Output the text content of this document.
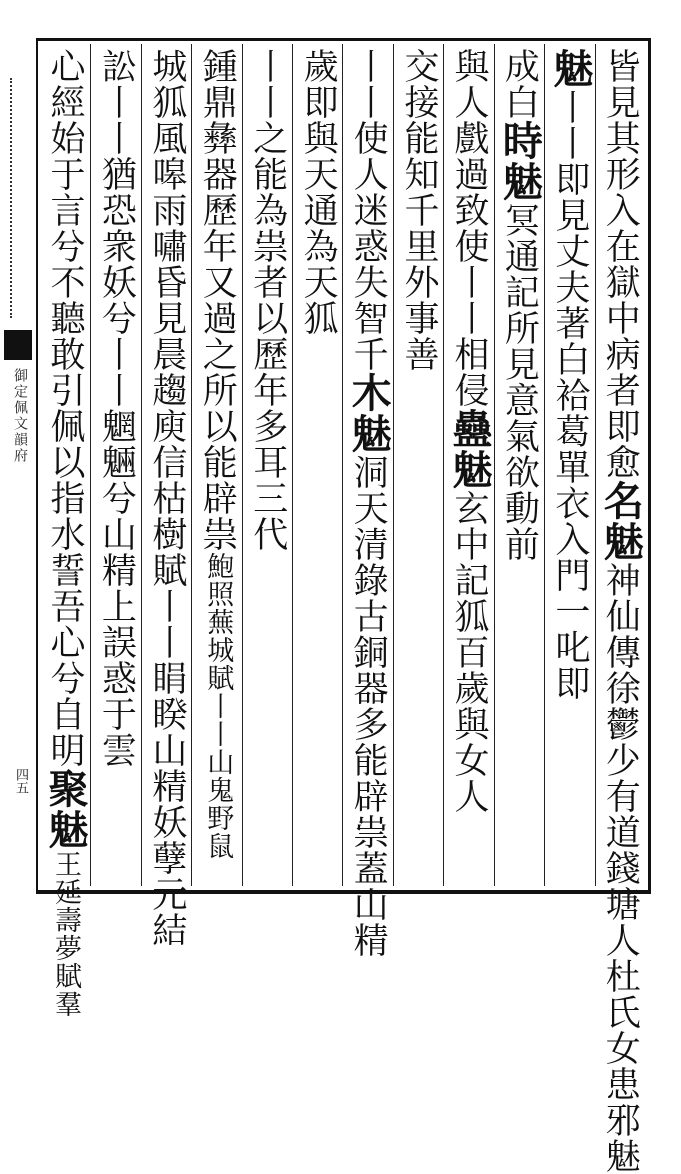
御定佩文韻府
四五
皆見其形入在獄中病者即愈名魅神仙傳徐鬱少有道錢塘人杜氏女患邪魅
魅丨丨即見丈夫著白袷葛單衣入門一叱即
成白時魅冥通記所見意氣欲動前
與人戲過致使丨丨相侵蠱魅玄中記狐百歲與女人
交接能知千里外事善
丨丨使人迷惑失智千木魅洞天清錄古銅器多能辟祟蓋山精
歲即與天通為天狐
丨丨之能為祟者以歷年多耳三代
鍾鼎彝器歷年又過之所以能辟祟鮑照蕪城賦丨丨山鬼野鼠
城狐風嗥雨嘯昏見晨趨庾信枯樹賦丨丨睊睽山精妖孽元結
訟丨丨猶恐衆妖兮丨丨魍魎兮山精上誤惑于雲
心經始于言兮不聽敢引佩以指水誓吾心兮自明聚魅王延壽夢賦羣
